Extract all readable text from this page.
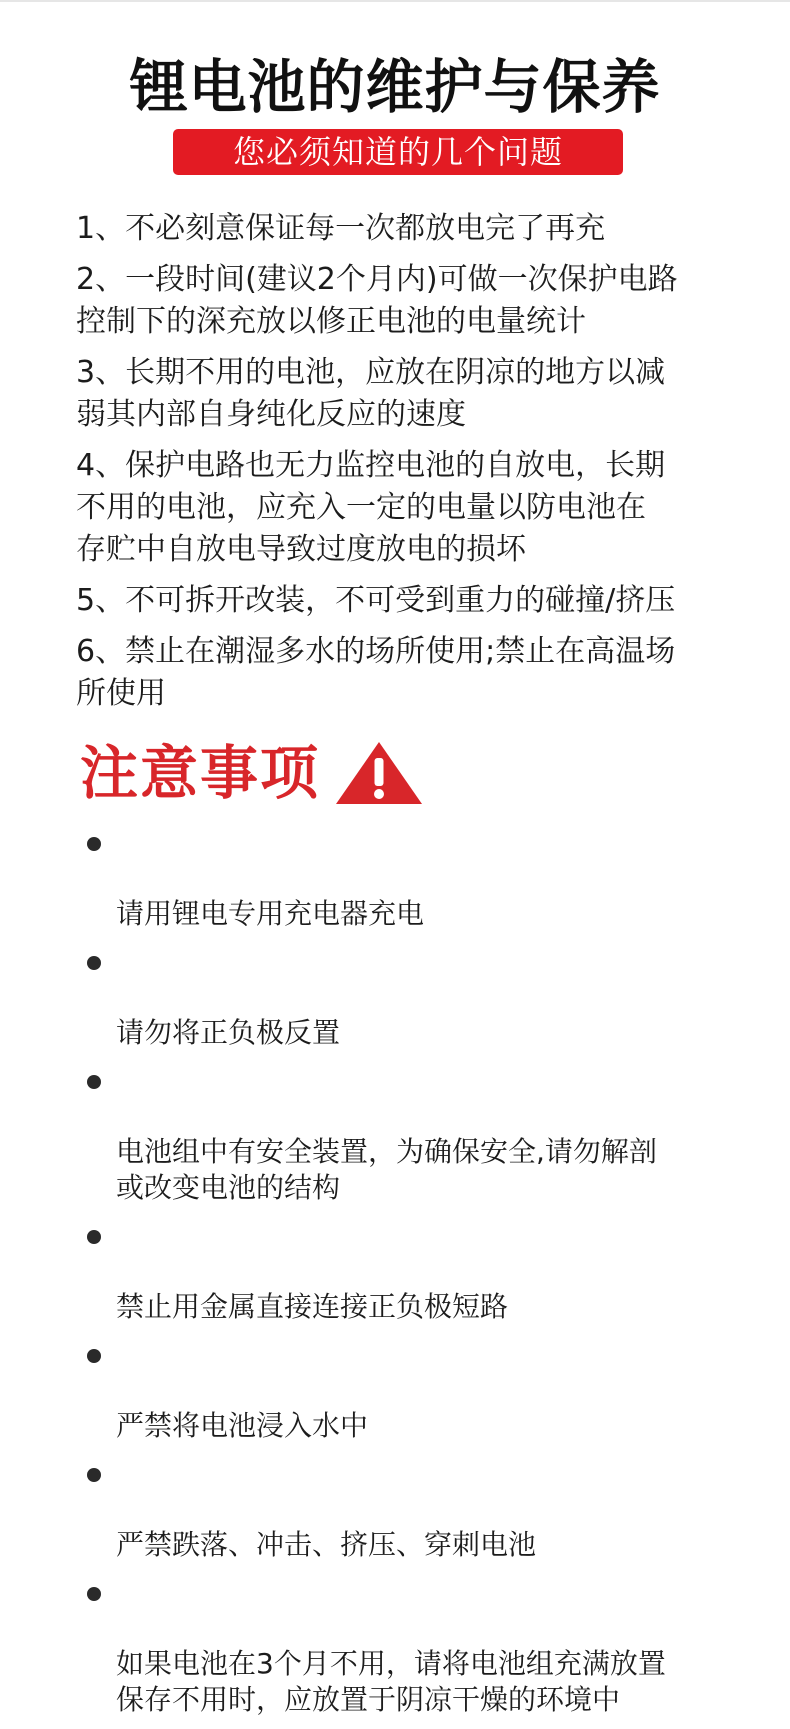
锂电池的维护与保养
您必须知道的几个问题
1、不必刻意保证每一次都放电完了再充
2、一段时间(建议2个月内)可做一次保护电路
控制下的深充放以修正电池的电量统计
3、长期不用的电池，应放在阴凉的地方以减
弱其内部自身纯化反应的速度
4、保护电路也无力监控电池的自放电，长期
不用的电池，应充入一定的电量以防电池在
存贮中自放电导致过度放电的损坏
5、不可拆开改装，不可受到重力的碰撞/挤压
6、禁止在潮湿多水的场所使用;禁止在高温场
所使用
注意事项

请用锂电专用充电器充电

请勿将正负极反置

电池组中有安全装置，为确保安全,请勿解剖
或改变电池的结构

禁止用金属直接连接正负极短路

严禁将电池浸入水中

严禁跌落、冲击、挤压、穿刺电池

如果电池在3个月不用，请将电池组充满放置
保存不用时，应放置于阴凉干燥的环境中
